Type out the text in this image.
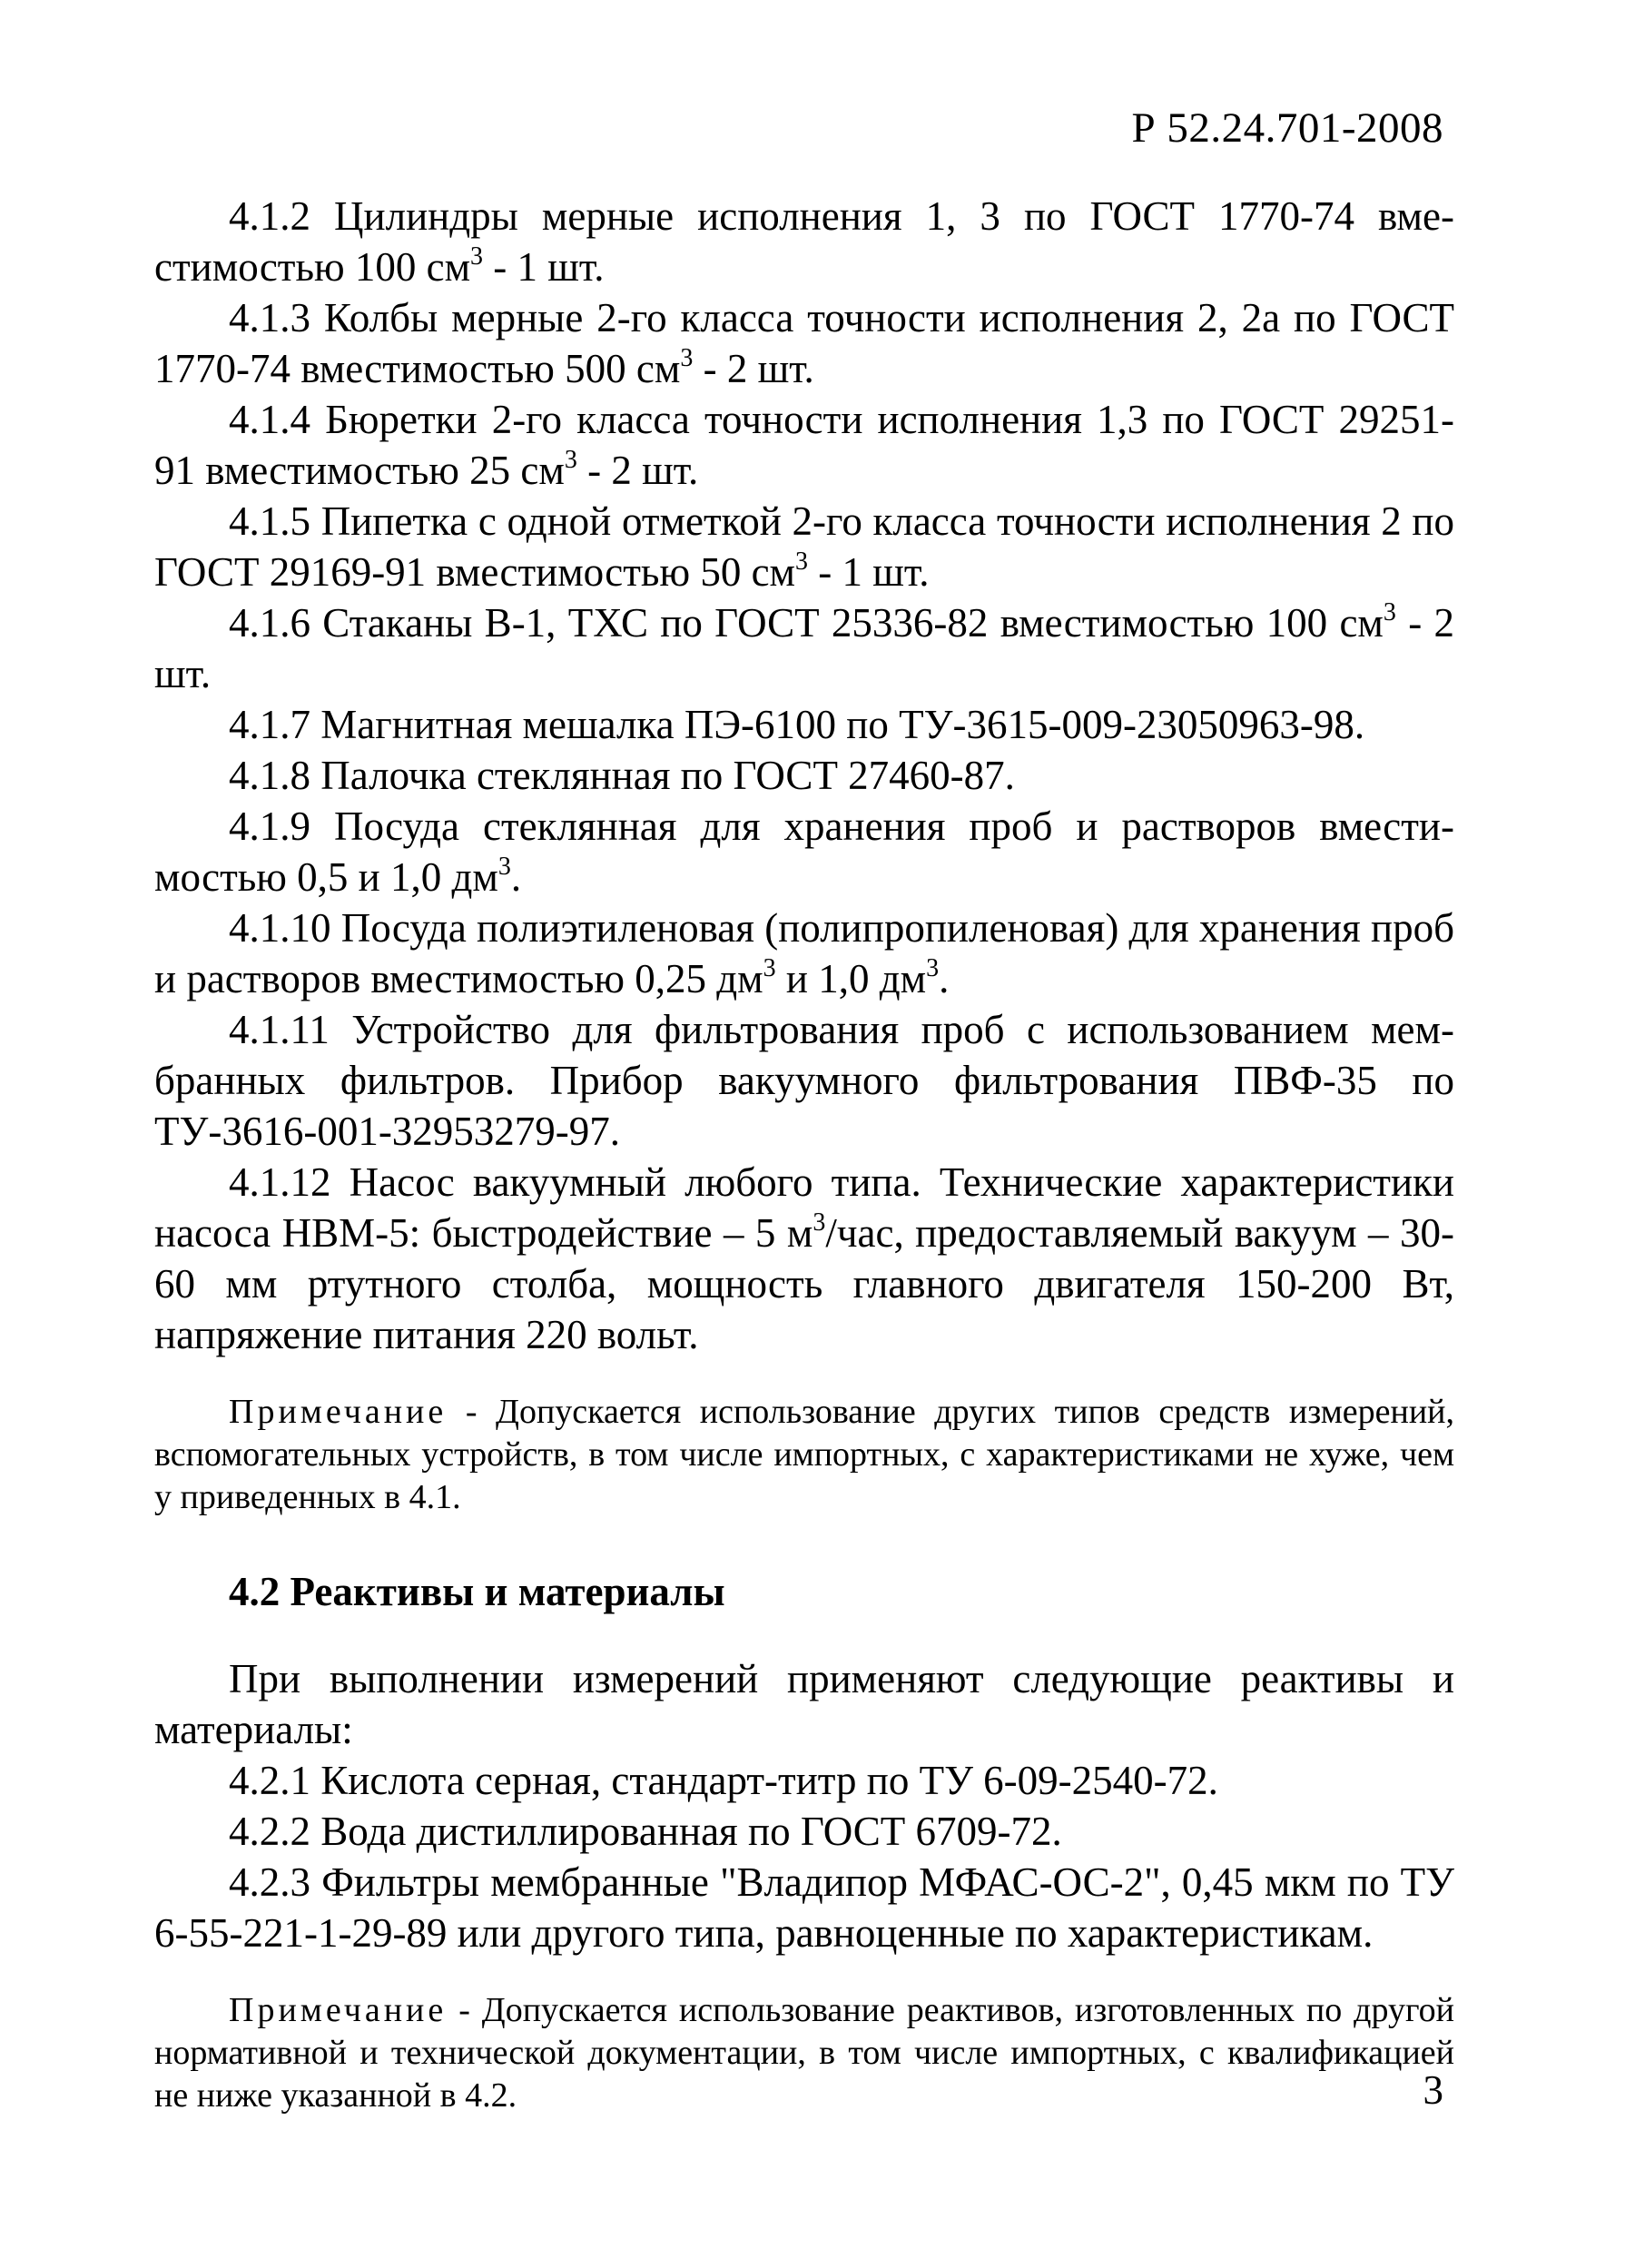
Р 52.24.701-2008

4.1.2 Цилиндры мерные исполнения 1, 3 по ГОСТ 1770-74 вместимостью 100 $см^3 - 1$ шт.

4.1.3 Колбы мерные 2-го класса точности исполнения 2, 2а по ГОСТ 1770-74 вместимостью 500 $см^3 - 2$ шт.

4.1.4 Бюретки 2-го класса точности исполнения 1,3 по ГОСТ 29251-91 вместимостью 25 $см^3 - 2$ шт.

4.1.5 Пипетка с одной отметкой 2-го класса точности исполнения 2 по ГОСТ 29169-91 вместимостью 50 $см^3 - 1$ шт.

4.1.6 Стаканы В-1, ТХС по ГОСТ 25336-82 вместимостью 100 $см^3 - 2$ шт.

4.1.7 Магнитная мешалка ПЭ-6100 по ТУ-3615-009-23050963-98.

4.1.8 Палочка стеклянная по ГОСТ 27460-87.

4.1.9 Посуда стеклянная для хранения проб и растворов вместимостью 0,5 и 1,0 $дм^3$.

4.1.10 Посуда полиэтиленовая (полипропиленовая) для хранения проб и растворов вместимостью 0,25 $дм^3$ и 1,0 $дм^3$.

4.1.11 Устройство для фильтрования проб с использованием мембранных фильтров. Прибор вакуумного фильтрования ПВФ-35 по ТУ-3616-001-32953279-97.

4.1.12 Насос вакуумный любого типа. Технические характеристики насоса НВМ-5: быстродействие – 5 $м^3$/час, предоставляемый вакуум – 30-60 мм ртутного столба, мощность главного двигателя 150-200 Вт, напряжение питания 220 вольт.

Примечание - Допускается использование других типов средств измерений, вспомогательных устройств, в том числе импортных, с характеристиками не хуже, чем у приведенных в 4.1.

4.2 Реактивы и материалы

При выполнении измерений применяют следующие реактивы и материалы:

4.2.1 Кислота серная, стандарт-титр по ТУ 6-09-2540-72.

4.2.2 Вода дистиллированная по ГОСТ 6709-72.

4.2.3 Фильтры мембранные "Владипор МФАС-ОС-2", 0,45 мкм по ТУ 6-55-221-1-29-89 или другого типа, равноценные по характеристикам.

Примечание - Допускается использование реактивов, изготовленных по другой нормативной и технической документации, в том числе импортных, с квалификацией не ниже указанной в 4.2.	3
